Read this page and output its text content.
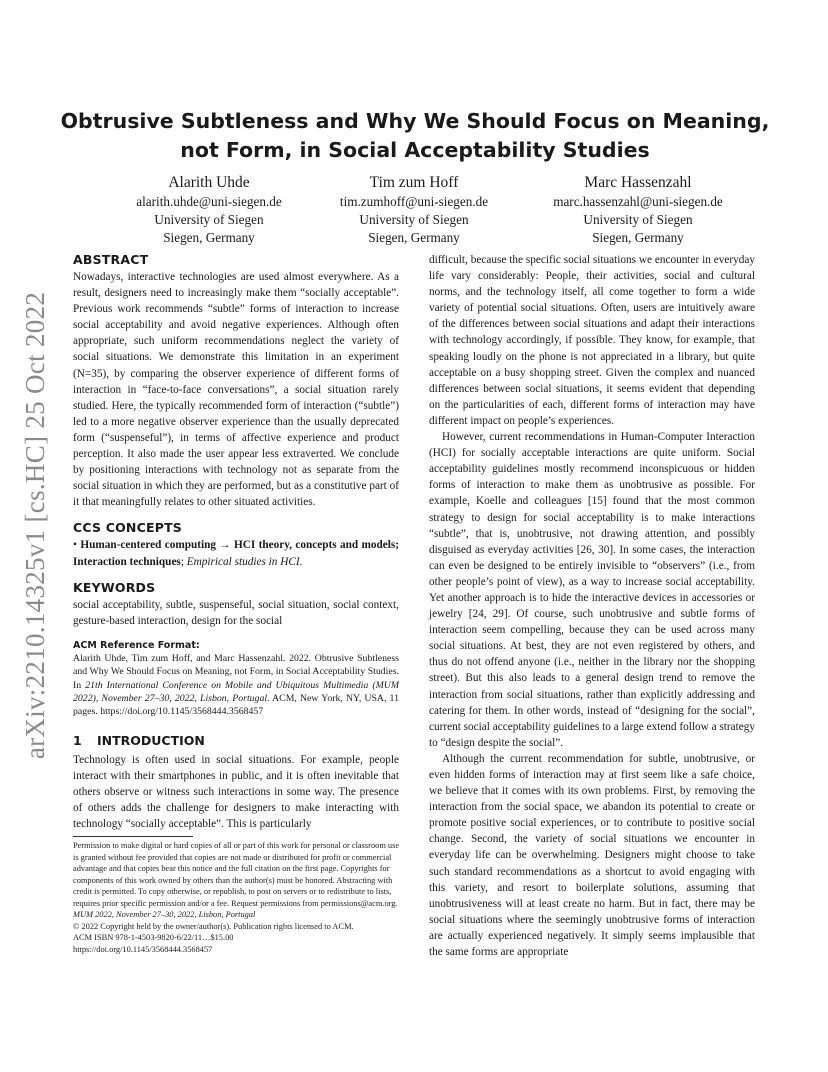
arXiv:2210.14325v1 [cs.HC] 25 Oct 2022
Obtrusive Subtleness and Why We Should Focus on Meaning, not Form, in Social Acceptability Studies
Alarith Uhde
alarith.uhde@uni-siegen.de
University of Siegen
Siegen, Germany
Tim zum Hoff
tim.zumhoff@uni-siegen.de
University of Siegen
Siegen, Germany
Marc Hassenzahl
marc.hassenzahl@uni-siegen.de
University of Siegen
Siegen, Germany
ABSTRACT

Nowadays, interactive technologies are used almost everywhere. As a result, designers need to increasingly make them “socially acceptable”. Previous work recommends “subtle” forms of interaction to increase social acceptability and avoid negative experiences. Although often appropriate, such uniform recommendations neglect the variety of social situations. We demonstrate this limitation in an experiment (N=35), by comparing the observer experience of different forms of interaction in “face-to-face conversations”, a social situation rarely studied. Here, the typically recommended form of interaction (“subtle”) led to a more negative observer experience than the usually deprecated form (“suspenseful”), in terms of affective experience and product perception. It also made the user appear less extraverted. We conclude by positioning interactions with technology not as separate from the social situation in which they are performed, but as a constitutive part of it that meaningfully relates to other situated activities.

CCS CONCEPTS

• Human-centered computing → HCI theory, concepts and models; Interaction techniques; Empirical studies in HCI.

KEYWORDS

social acceptability, subtle, suspenseful, social situation, social context, gesture-based interaction, design for the social

ACM Reference Format:

Alarith Uhde, Tim zum Hoff, and Marc Hassenzahl. 2022. Obtrusive Subtleness and Why We Should Focus on Meaning, not Form, in Social Acceptability Studies. In 21th International Conference on Mobile and Ubiquitous Multimedia (MUM 2022), November 27–30, 2022, Lisbon, Portugal. ACM, New York, NY, USA, 11 pages. https://doi.org/10.1145/3568444.3568457

1 INTRODUCTION

Technology is often used in social situations. For example, people interact with their smartphones in public, and it is often inevitable that others observe or witness such interactions in some way. The presence of others adds the challenge for designers to make interacting with technology “socially acceptable”. This is particularly

difficult, because the specific social situations we encounter in everyday life vary considerably: People, their activities, social and cultural norms, and the technology itself, all come together to form a wide variety of potential social situations. Often, users are intuitively aware of the differences between social situations and adapt their interactions with technology accordingly, if possible. They know, for example, that speaking loudly on the phone is not appreciated in a library, but quite acceptable on a busy shopping street. Given the complex and nuanced differences between social situations, it seems evident that depending on the particularities of each, different forms of interaction may have different impact on people’s experiences.

However, current recommendations in Human-Computer Interaction (HCI) for socially acceptable interactions are quite uniform. Social acceptability guidelines mostly recommend inconspicuous or hidden forms of interaction to make them as unobtrusive as possible. For example, Koelle and colleagues [15] found that the most common strategy to design for social acceptability is to make interactions “subtle”, that is, unobtrusive, not drawing attention, and possibly disguised as everyday activities [26, 30]. In some cases, the interaction can even be designed to be entirely invisible to “observers” (i.e., from other people’s point of view), as a way to increase social acceptability. Yet another approach is to hide the interactive devices in accessories or jewelry [24, 29]. Of course, such unobtrusive and subtle forms of interaction seem compelling, because they can be used across many social situations. At best, they are not even registered by others, and thus do not offend anyone (i.e., neither in the library nor the shopping street). But this also leads to a general design trend to remove the interaction from social situations, rather than explicitly addressing and catering for them. In other words, instead of “designing for the social”, current social acceptability guidelines to a large extend follow a strategy to “design despite the social”.

Although the current recommendation for subtle, unobtrusive, or even hidden forms of interaction may at first seem like a safe choice, we believe that it comes with its own problems. First, by removing the interaction from the social space, we abandon its potential to create or promote positive social experiences, or to contribute to positive social change. Second, the variety of social situations we encounter in everyday life can be overwhelming. Designers might choose to take such standard recommendations as a shortcut to avoid engaging with this variety, and resort to boilerplate solutions, assuming that unobtrusiveness will at least create no harm. But in fact, there may be social situations where the seemingly unobtrusive forms of interaction are actually experienced negatively. It simply seems implausible that the same forms are appropriate

Permission to make digital or hard copies of all or part of this work for personal or classroom use is granted without fee provided that copies are not made or distributed for profit or commercial advantage and that copies bear this notice and the full citation on the first page. Copyrights for components of this work owned by others than the author(s) must be honored. Abstracting with credit is permitted. To copy otherwise, or republish, to post on servers or to redistribute to lists, requires prior specific permission and/or a fee. Request permissions from permissions@acm.org.

MUM 2022, November 27–30, 2022, Lisbon, Portugal

© 2022 Copyright held by the owner/author(s). Publication rights licensed to ACM.

ACM ISBN 978-1-4503-9820-6/22/11…$15.00

https://doi.org/10.1145/3568444.3568457
